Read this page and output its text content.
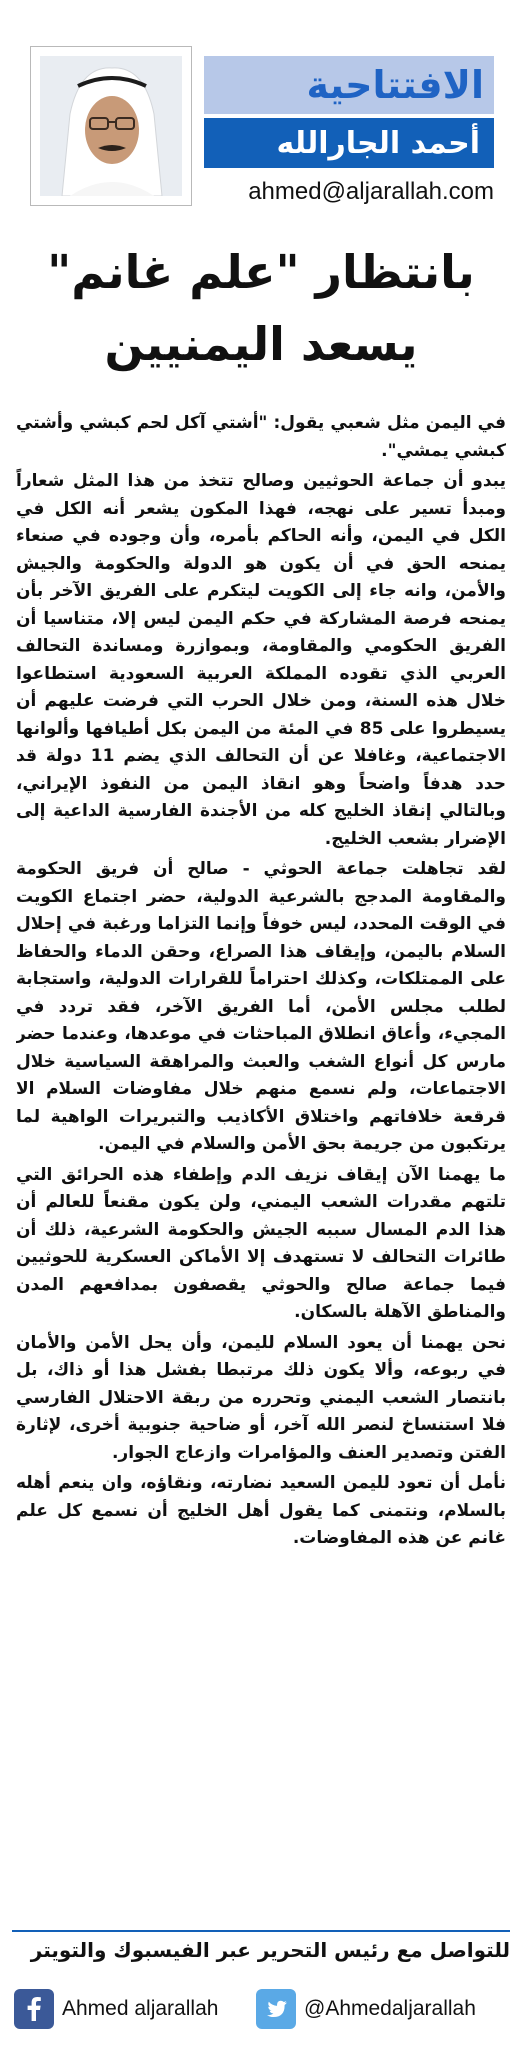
الافتتاحية
أحمد الجارالله
ahmed@aljarallah.com
بانتظار "علم غانم"
يسعد اليمنيين

في اليمن مثل شعبي يقول: "أشتي آكل لحم كبشي وأشتي كبشي يمشي".

يبدو أن جماعة الحوثيين وصالح تتخذ من هذا المثل شعاراً ومبدأ تسير على نهجه، فهذا المكون يشعر أنه الكل في الكل في اليمن، وأنه الحاكم بأمره، وأن وجوده في صنعاء يمنحه الحق في أن يكون هو الدولة والحكومة والجيش والأمن، وانه جاء إلى الكويت ليتكرم على الفريق الآخر بأن يمنحه فرصة المشاركة في حكم اليمن ليس إلا، متناسيا أن الفريق الحكومي والمقاومة، وبموازرة ومساندة التحالف العربي الذي تقوده المملكة العربية السعودية استطاعوا خلال هذه السنة، ومن خلال الحرب التي فرضت عليهم أن يسيطروا على 85 في المئة من اليمن بكل أطيافها وألوانها الاجتماعية، وغافلا عن أن التحالف الذي يضم 11 دولة قد حدد هدفاً واضحاً وهو انقاذ اليمن من النفوذ الإيراني، وبالتالي إنقاذ الخليج كله من الأجندة الفارسية الداعية إلى الإضرار بشعب الخليج.

لقد تجاهلت جماعة الحوثي - صالح أن فريق الحكومة والمقاومة المدجج بالشرعية الدولية، حضر اجتماع الكويت في الوقت المحدد، ليس خوفاً وإنما التزاما ورغبة في إحلال السلام باليمن، وإيقاف هذا الصراع، وحقن الدماء والحفاظ على الممتلكات، وكذلك احتراماً للقرارات الدولية، واستجابة لطلب مجلس الأمن، أما الفريق الآخر، فقد تردد في المجيء، وأعاق انطلاق المباحثات في موعدها، وعندما حضر مارس كل أنواع الشغب والعبث والمراهقة السياسية خلال الاجتماعات، ولم نسمع منهم خلال مفاوضات السلام الا قرقعة خلافاتهم واختلاق الأكاذيب والتبريرات الواهية لما يرتكبون من جريمة بحق الأمن والسلام في اليمن.

ما يهمنا الآن إيقاف نزيف الدم وإطفاء هذه الحرائق التي تلتهم مقدرات الشعب اليمني، ولن يكون مقنعاً للعالم أن هذا الدم المسال سببه الجيش والحكومة الشرعية، ذلك أن طائرات التحالف لا تستهدف إلا الأماكن العسكرية للحوثيين فيما جماعة صالح والحوثي يقصفون بمدافعهم المدن والمناطق الآهلة بالسكان.

نحن يهمنا أن يعود السلام لليمن، وأن يحل الأمن والأمان في ربوعه، وألا يكون ذلك مرتبطا بفشل هذا أو ذاك، بل بانتصار الشعب اليمني وتحرره من ربقة الاحتلال الفارسي فلا استنساخ لنصر الله آخر، أو ضاحية جنوبية أخرى، لإثارة الفتن وتصدير العنف والمؤامرات وازعاج الجوار.

نأمل أن تعود لليمن السعيد نضارته، ونقاؤه، وان ينعم أهله بالسلام، ونتمنى كما يقول أهل الخليج أن نسمع كل علم غانم عن هذه المفاوضات.

للتواصل مع رئيس التحرير عبر الفيسبوك والتويتر
Ahmed aljarallah	@Ahmedaljarallah
